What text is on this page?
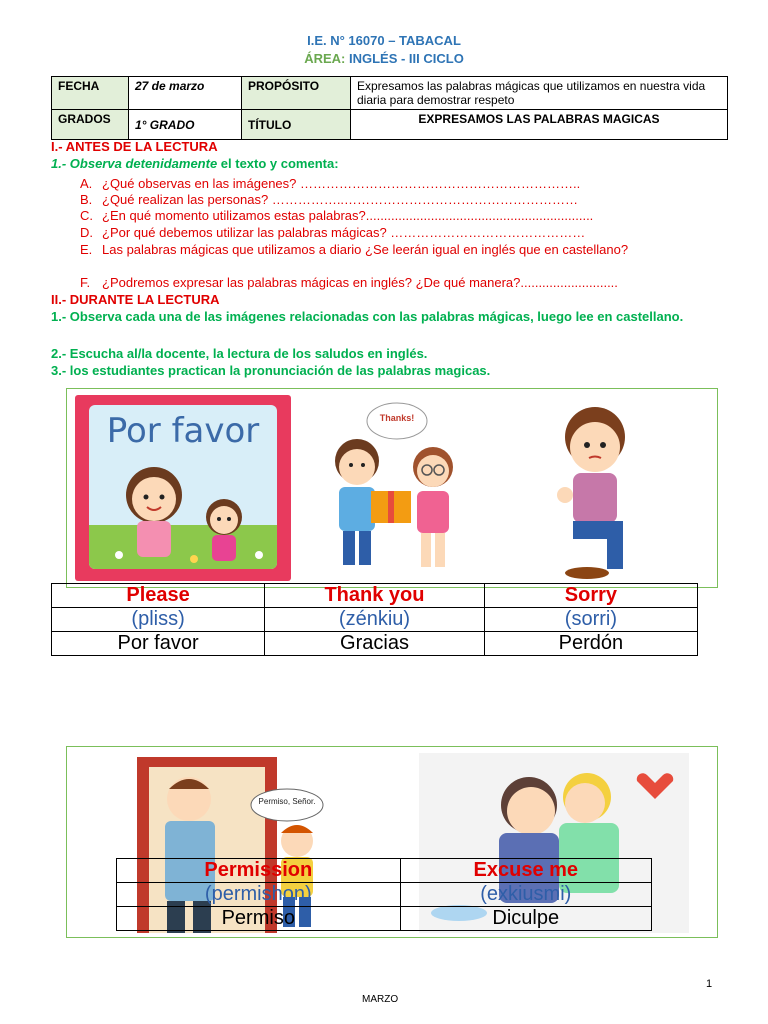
I.E. N° 16070 – TABACAL
ÁREA: INGLÉS - III CICLO
FECHA	27 de marzo	PROPÓSITO	Expresamos las palabras mágicas que utilizamos en nuestra vida diaria para demostrar respeto
GRADOS	1° GRADO	TÍTULO	EXPRESAMOS LAS PALABRAS MAGICAS
I.- ANTES DE LA LECTURA
1.- Observa detenidamente el texto y comenta:
A. ¿Qué observas en las imágenes? ………………………………………………………..
B. ¿Qué realizan las personas? ……………..………………………………………………
C. ¿En qué momento utilizamos estas palabras?...............................................................
D. ¿Por qué debemos utilizar las palabras mágicas? ………………………………………
E. Las palabras mágicas que utilizamos a diario ¿Se leerán igual en inglés que en castellano?
F. ¿Podremos expresar las palabras mágicas en inglés? ¿De qué manera?...........................
II.- DURANTE LA LECTURA
1.- Observa cada una de las imágenes relacionadas con las palabras mágicas, luego lee en castellano.
2.- Escucha al/la docente, la lectura de los saludos en inglés.
3.- los estudiantes practican la pronunciación de las palabras magicas.
Por favor	Thanks!
Please	Thank you	Sorry
(pliss)	(zénkiu)	(sorri)
Por favor	Gracias	Perdón
Permiso, Señor.
Permission	Excuse me
(permishon)	(exkiusmi)
Permiso	Diculpe
1
MARZO
